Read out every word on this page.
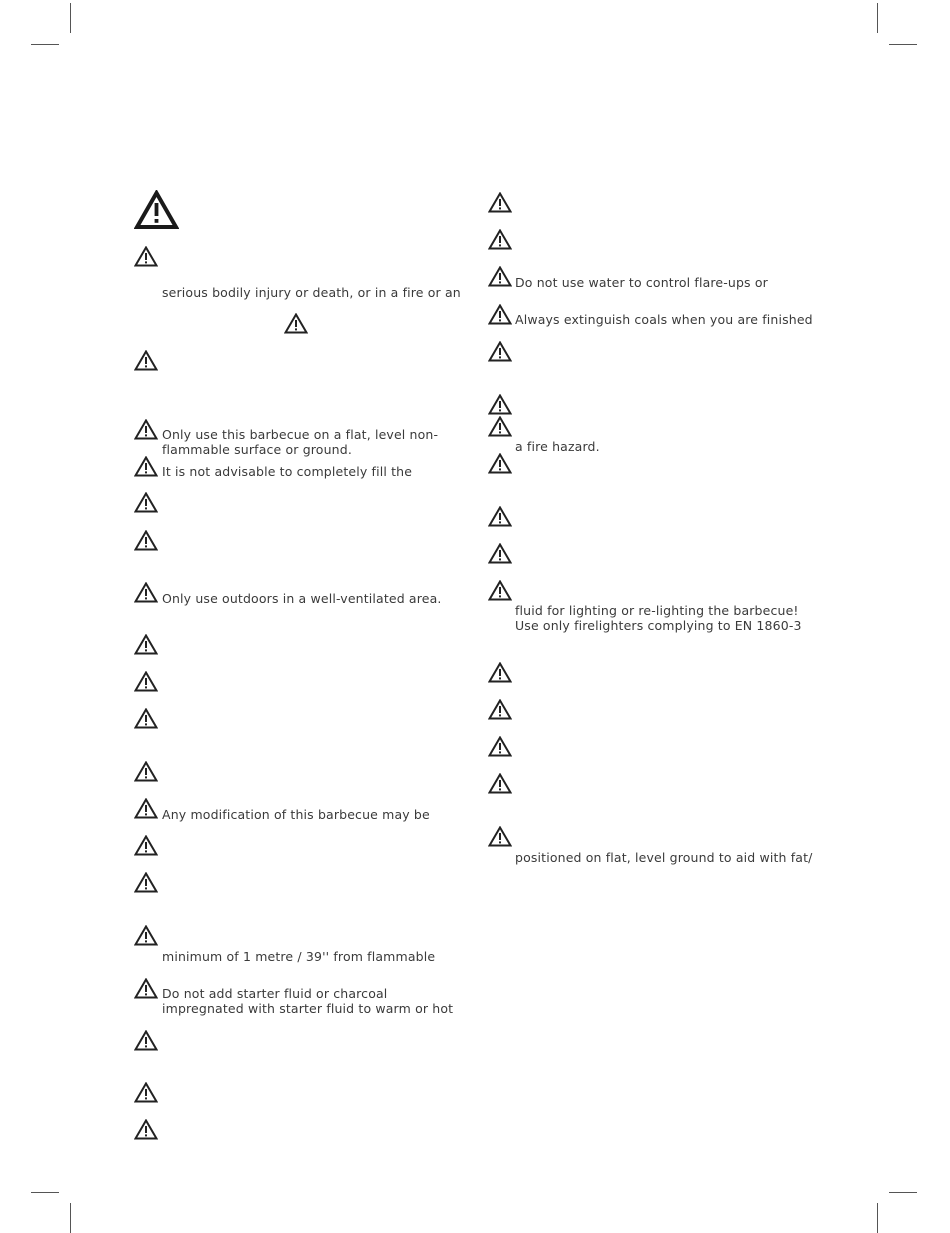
serious bodily injury or death, or in a fire or an
Only use this barbecue on a flat, level non-
flammable surface or ground.
It is not advisable to completely fill the
Only use outdoors in a well-ventilated area.
Any modification of this barbecue may be
minimum of 1 metre / 39'' from flammable
Do not add starter fluid or charcoal
impregnated with starter fluid to warm or hot
Do not use water to control flare-ups or
Always extinguish coals when you are finished
a fire hazard.
fluid for lighting or re-lighting the barbecue!
Use only firelighters complying to EN 1860-3
positioned on flat, level ground to aid with fat/
